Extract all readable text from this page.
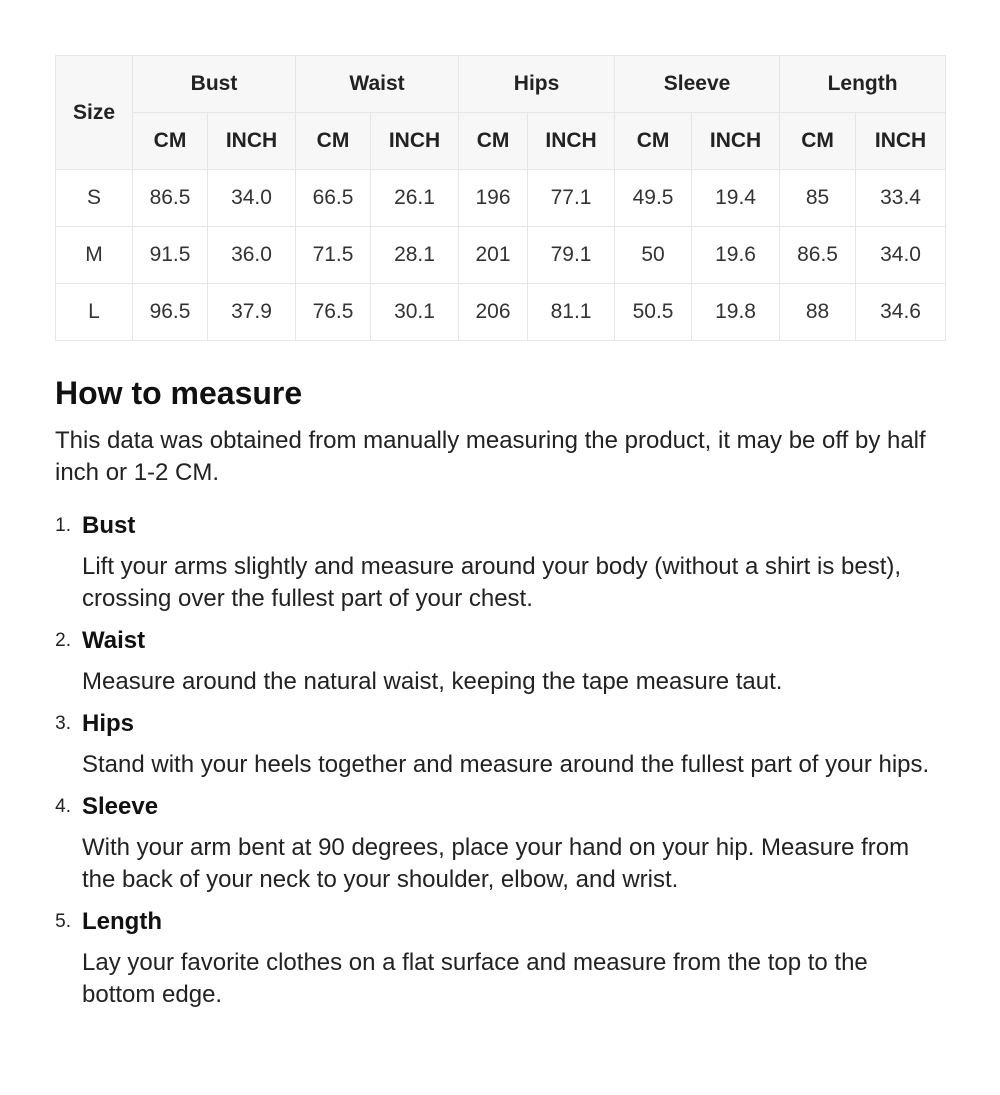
Size	Bust		Waist		Hips		Sleeve		Length	
	CM	INCH	CM	INCH	CM	INCH	CM	INCH	CM	INCH
S	86.5	34.0	66.5	26.1	196	77.1	49.5	19.4	85	33.4
M	91.5	36.0	71.5	28.1	201	79.1	50	19.6	86.5	34.0
L	96.5	37.9	76.5	30.1	206	81.1	50.5	19.8	88	34.6
How to measure

This data was obtained from manually measuring the product, it may be off by half inch or 1-2 CM.

1. Bust
Lift your arms slightly and measure around your body (without a shirt is best), crossing over the fullest part of your chest.
2. Waist
Measure around the natural waist, keeping the tape measure taut.
3. Hips
Stand with your heels together and measure around the fullest part of your hips.
4. Sleeve
With your arm bent at 90 degrees, place your hand on your hip. Measure from the back of your neck to your shoulder, elbow, and wrist.
5. Length
Lay your favorite clothes on a flat surface and measure from the top to the bottom edge.
